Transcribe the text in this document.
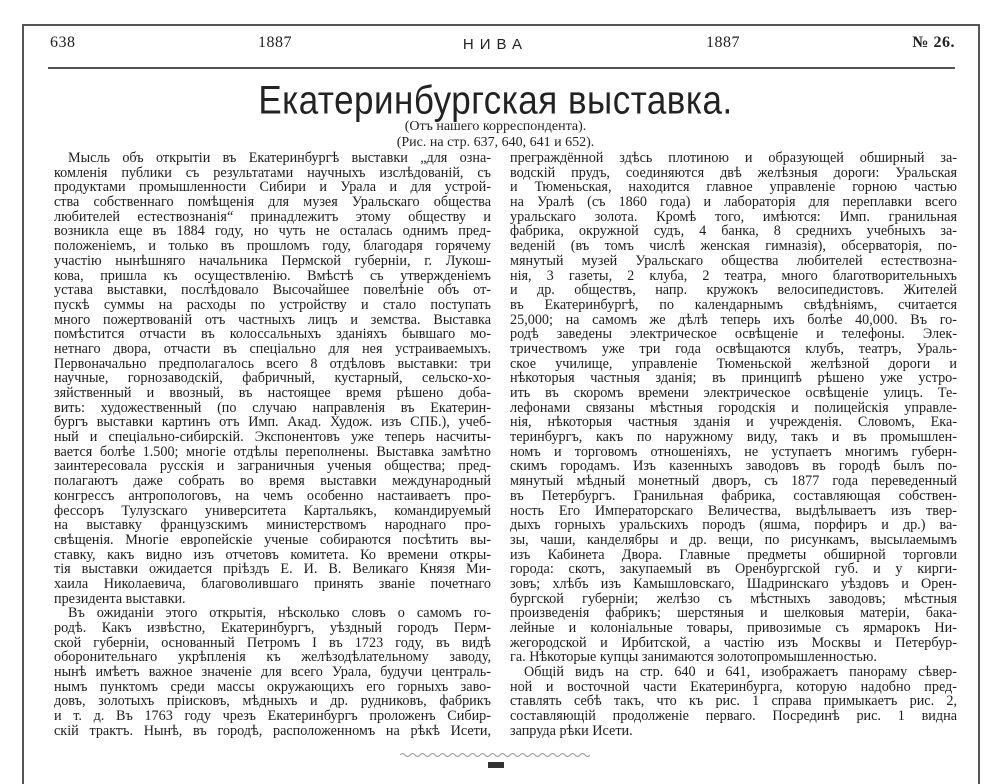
638	1887	НИВА	1887	№ 26.
Екатеринбургская выставка.
(Отъ нашего корреспондента).
(Рис. на стр. 637, 640, 641 и 652).
Мысль объ открытіи въ Екатеринбургѣ выставки „для озна-
комленія публики съ результатами научныхъ изслѣдованій, съ
продуктами промышленности Сибири и Урала и для устрой-
ства собственнаго помѣщенія для музея Уральскаго общества
любителей естествознанія“ принадлежитъ этому обществу и
возникла еще въ 1884 году, но чуть не осталась однимъ пред-
положеніемъ, и только въ прошломъ году, благодаря горячему
участію нынѣшняго начальника Пермской губерніи, г. Лукош-
кова, пришла къ осуществленію. Вмѣстѣ съ утвержденіемъ
устава выставки, послѣдовало Высочайшее повелѣніе объ от-
пускѣ суммы на расходы по устройству и стало поступать
много пожертвованій отъ частныхъ лицъ и земства. Выставка
помѣстится отчасти въ колоссальныхъ зданіяхъ бывшаго мо-
нетнаго двора, отчасти въ спеціально для нея устраиваемыхъ.
Первоначально предполагалось всего 8 отдѣловъ выставки: три
научные, горнозаводскій, фабричный, кустарный, сельско-хо-
зяйственный и ввозный, въ настоящее время рѣшено доба-
вить: художественный (по случаю направленія въ Екатерин-
бургъ выставки картинъ отъ Имп. Акад. Худож. изъ СПБ.), учеб-
ный и спеціально-сибирскій. Экспонентовъ уже теперь насчиты-
вается болѣе 1.500; многіе отдѣлы переполнены. Выставка замѣтно
заинтересовала русскія и заграничныя ученыя общества; пред-
полагаютъ даже собрать во время выставки международный
конгрессъ антропологовъ, на чемъ особенно настаиваетъ про-
фессоръ Тулузскаго университета Картальякъ, командируемый
на выставку французскимъ министерствомъ народнаго про-
свѣщенія. Многіе европейскіе ученые собираются посѣтить вы-
ставку, какъ видно изъ отчетовъ комитета. Ко времени откры-
тія выставки ожидается пріѣздъ Е. И. В. Великаго Князя Ми-
хаила Николаевича, благоволившаго принять званіе почетнаго
президента выставки.
Въ ожиданіи этого открытія, нѣсколько словъ о самомъ го-
родѣ. Какъ извѣстно, Екатеринбургъ, уѣздный городъ Перм-
ской губерніи, основанный Петромъ I въ 1723 году, въ видѣ
оборонительнаго укрѣпленія къ желѣзодѣлательному заводу,
нынѣ имѣетъ важное значеніе для всего Урала, будучи централь-
нымъ пунктомъ среди массы окружающихъ его горныхъ заво-
довъ, золотыхъ пріисковъ, мѣдныхъ и др. рудниковъ, фабрикъ
и т. д. Въ 1763 году чрезъ Екатеринбургъ проложенъ Сибир-
скій трактъ. Нынѣ, въ городѣ, расположенномъ на рѣкѣ Исети,
преграждённой здѣсь плотиною и образующей обширный за-
водскій прудъ, соединяются двѣ желѣзныя дороги: Уральская
и Тюменьская, находится главное управленіе горною частью
на Уралѣ (съ 1860 года) и лабораторія для переплавки всего
уральскаго золота. Кромѣ того, имѣются: Имп. гранильная
фабрика, окружной судъ, 4 банка, 8 среднихъ учебныхъ за-
веденій (въ томъ числѣ женская гимназія), обсерваторія, по-
мянутый музей Уральскаго общества любителей естествозна-
нія, 3 газеты, 2 клуба, 2 театра, много благотворительныхъ
и др. обществъ, напр. кружокъ велосипедистовъ. Жителей
въ Екатеринбургѣ, по календарнымъ свѣдѣніямъ, считается
25,000; на самомъ же дѣлѣ теперь ихъ болѣе 40,000. Въ го-
родѣ заведены электрическое освѣщеніе и телефоны. Элек-
тричествомъ уже три года освѣщаются клубъ, театръ, Ураль-
ское училище, управленіе Тюменьской желѣзной дороги и
нѣкоторыя частныя зданія; въ принципѣ рѣшено уже устро-
ить въ скоромъ времени электрическое освѣщеніе улицъ. Те-
лефонами связаны мѣстныя городскія и полицейскія управле-
нія, нѣкоторыя частныя зданія и учрежденія. Словомъ, Ека-
теринбургъ, какъ по наружному виду, такъ и въ промышлен-
номъ и торговомъ отношеніяхъ, не уступаетъ многимъ губерн-
скимъ городамъ. Изъ казенныхъ заводовъ въ городѣ былъ по-
мянутый мѣдный монетный дворъ, съ 1877 года переведенный
въ Петербургъ. Гранильная фабрика, составляющая собствен-
ность Его Императорскаго Величества, выдѣлываетъ изъ твер-
дыхъ горныхъ уральскихъ породъ (яшма, порфиръ и др.) ва-
зы, чаши, канделябры и др. вещи, по рисункамъ, высылаемымъ
изъ Кабинета Двора. Главные предметы обширной торговли
города: скотъ, закупаемый въ Оренбургской губ. и у кирги-
зовъ; хлѣбъ изъ Камышловскаго, Шадринскаго уѣздовъ и Орен-
бургской губерніи; желѣзо съ мѣстныхъ заводовъ; мѣстныя
произведенія фабрикъ; шерстяныя и шелковыя матеріи, бака-
лейные и колоніальные товары, привозимые съ ярмарокъ Ни-
жегородской и Ирбитской, а частію изъ Москвы и Петербур-
га. Нѣкоторые купцы занимаются золотопромышленностью.
Общій видъ на стр. 640 и 641, изображаетъ панораму сѣвер-
ной и восточной части Екатеринбурга, которую надобно пред-
ставлять себѣ такъ, что къ рис. 1 справа примыкаетъ рис. 2,
составляющій продолженіе перваго. Посрединѣ рис. 1 видна
запруда рѣки Исети.
